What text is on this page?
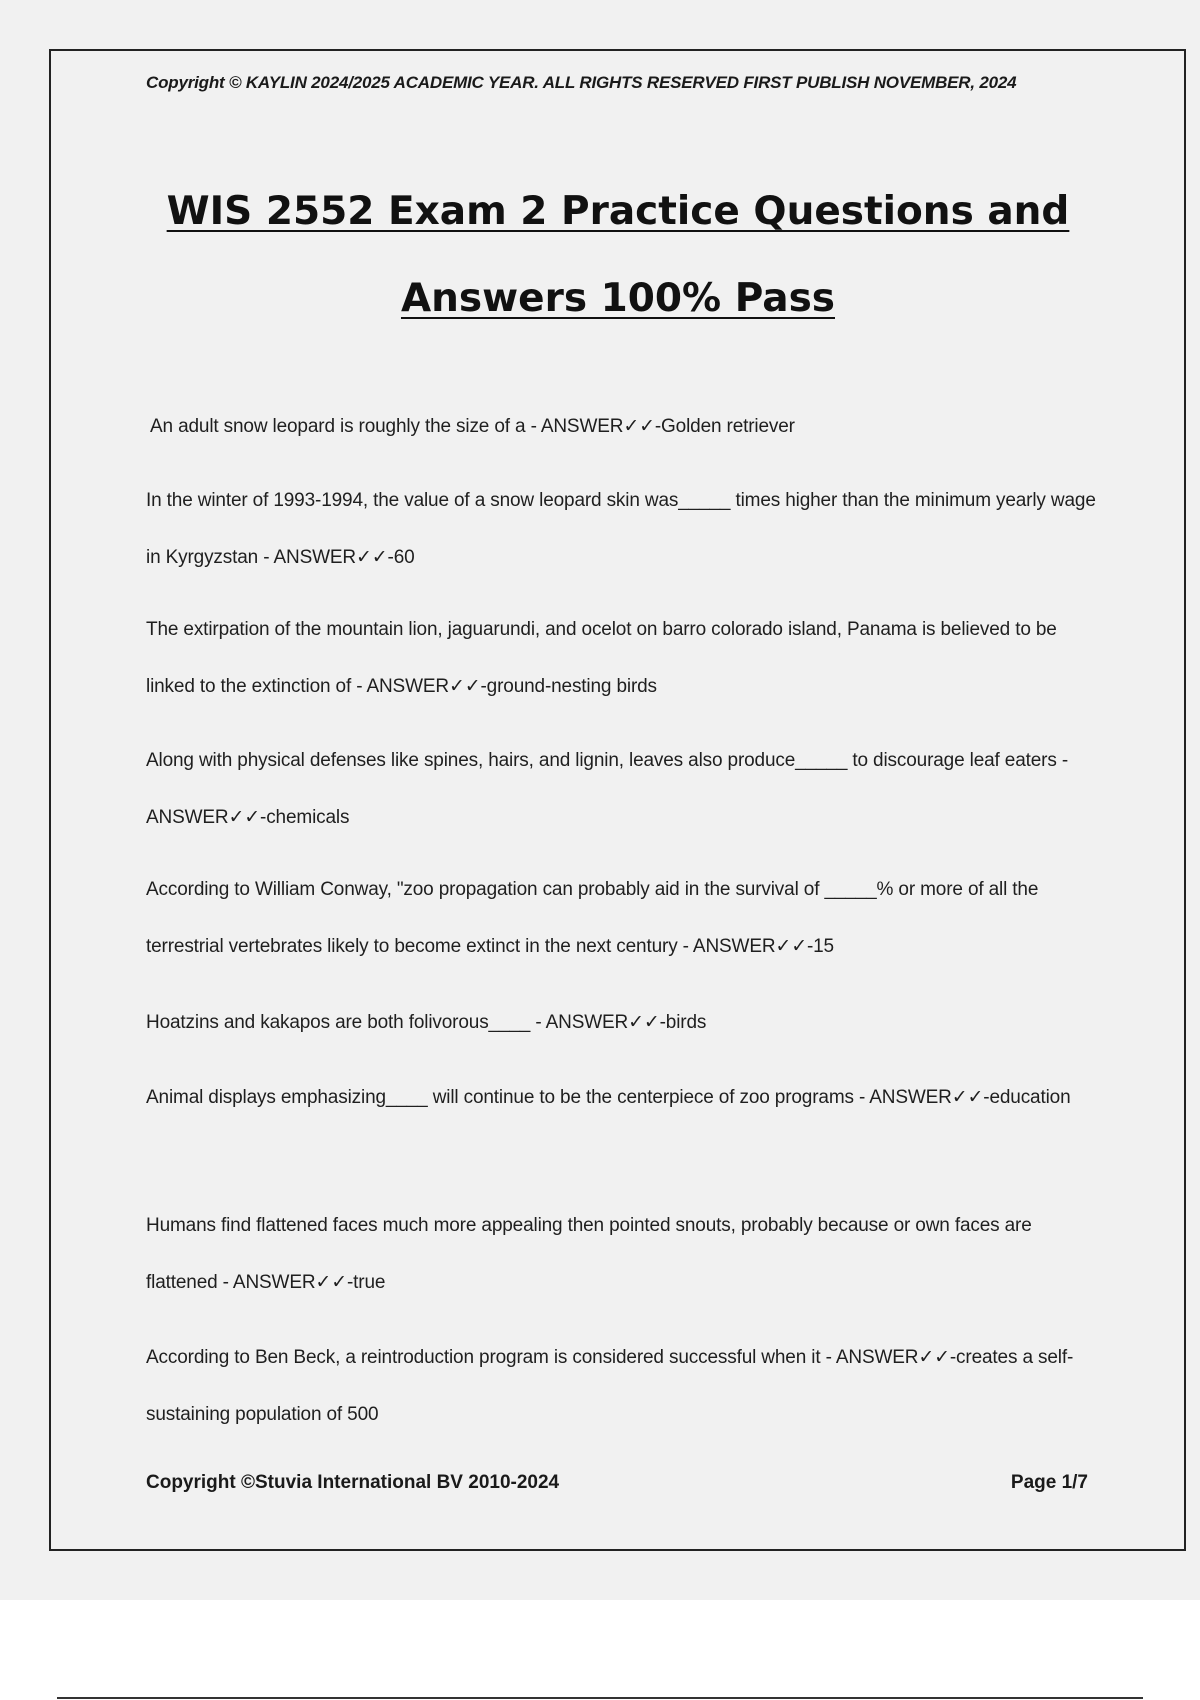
Copyright © KAYLIN 2024/2025 ACADEMIC YEAR. ALL RIGHTS RESERVED FIRST PUBLISH NOVEMBER, 2024
WIS 2552 Exam 2 Practice Questions and
Answers 100% Pass

An adult snow leopard is roughly the size of a - ANSWER✓✓-Golden retriever

In the winter of 1993-1994, the value of a snow leopard skin was_____ times higher than the minimum yearly wage in Kyrgyzstan - ANSWER✓✓-60

The extirpation of the mountain lion, jaguarundi, and ocelot on barro colorado island, Panama is believed to be linked to the extinction of - ANSWER✓✓-ground-nesting birds

Along with physical defenses like spines, hairs, and lignin, leaves also produce_____ to discourage leaf eaters - ANSWER✓✓-chemicals

According to William Conway, "zoo propagation can probably aid in the survival of _____% or more of all the terrestrial vertebrates likely to become extinct in the next century - ANSWER✓✓-15

Hoatzins and kakapos are both folivorous____ - ANSWER✓✓-birds

Animal displays emphasizing____ will continue to be the centerpiece of zoo programs - ANSWER✓✓-education

Humans find flattened faces much more appealing then pointed snouts, probably because or own faces are flattened - ANSWER✓✓-true

According to Ben Beck, a reintroduction program is considered successful when it - ANSWER✓✓-creates a self-sustaining population of 500

Copyright ©Stuvia International BV 2010-2024	Page 1/7
